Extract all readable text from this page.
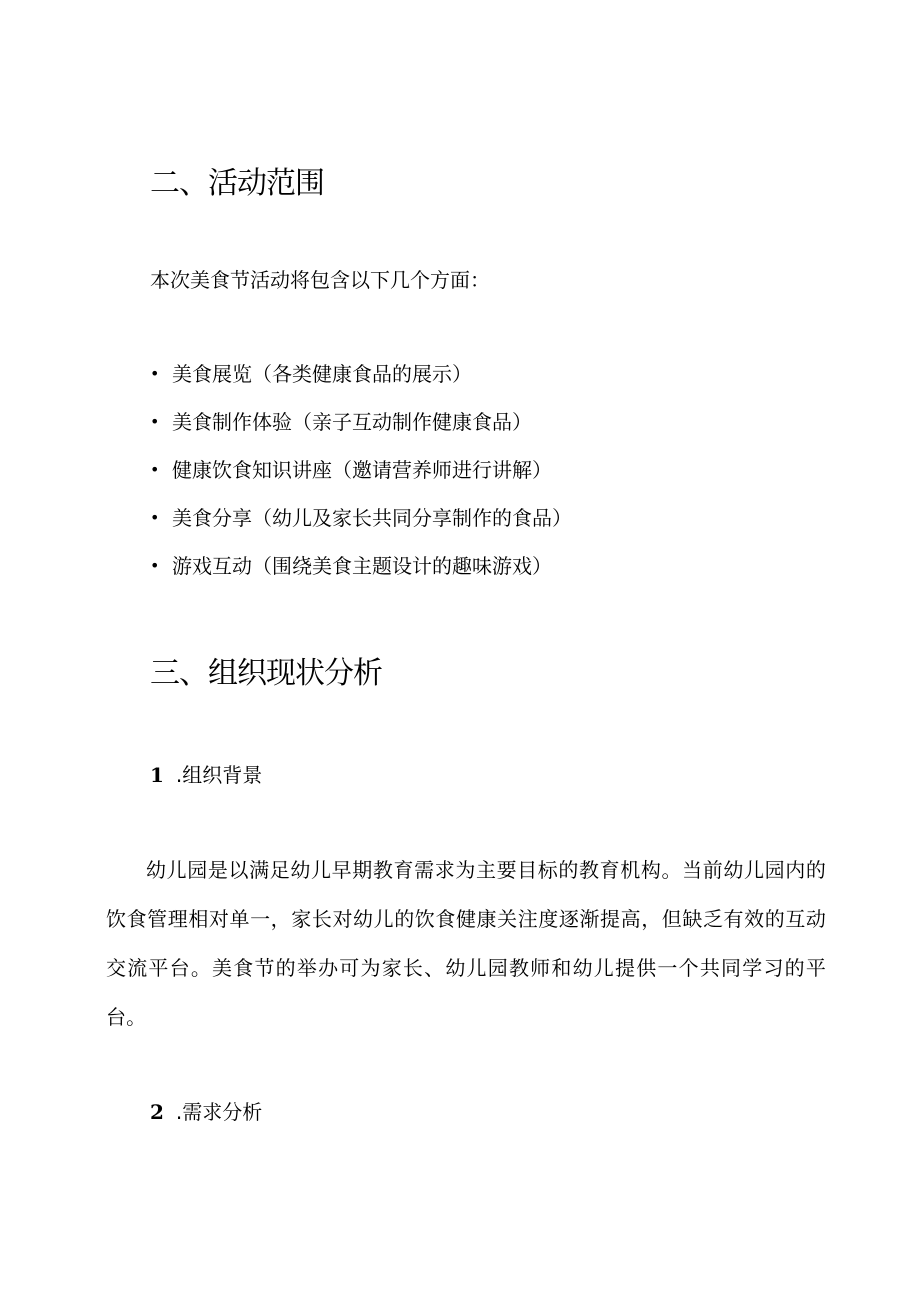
二、活动范围
本次美食节活动将包含以下几个方面：
• 美食展览（各类健康食品的展示）
• 美食制作体验（亲子互动制作健康食品）
• 健康饮食知识讲座（邀请营养师进行讲解）
• 美食分享（幼儿及家长共同分享制作的食品）
• 游戏互动（围绕美食主题设计的趣味游戏）
三、组织现状分析
1 .组织背景

幼儿园是以满足幼儿早期教育需求为主要目标的教育机构。当前幼儿园内的饮食管理相对单一，家长对幼儿的饮食健康关注度逐渐提高，但缺乏有效的互动交流平台。美食节的举办可为家长、幼儿园教师和幼儿提供一个共同学习的平台。

2 .需求分析
